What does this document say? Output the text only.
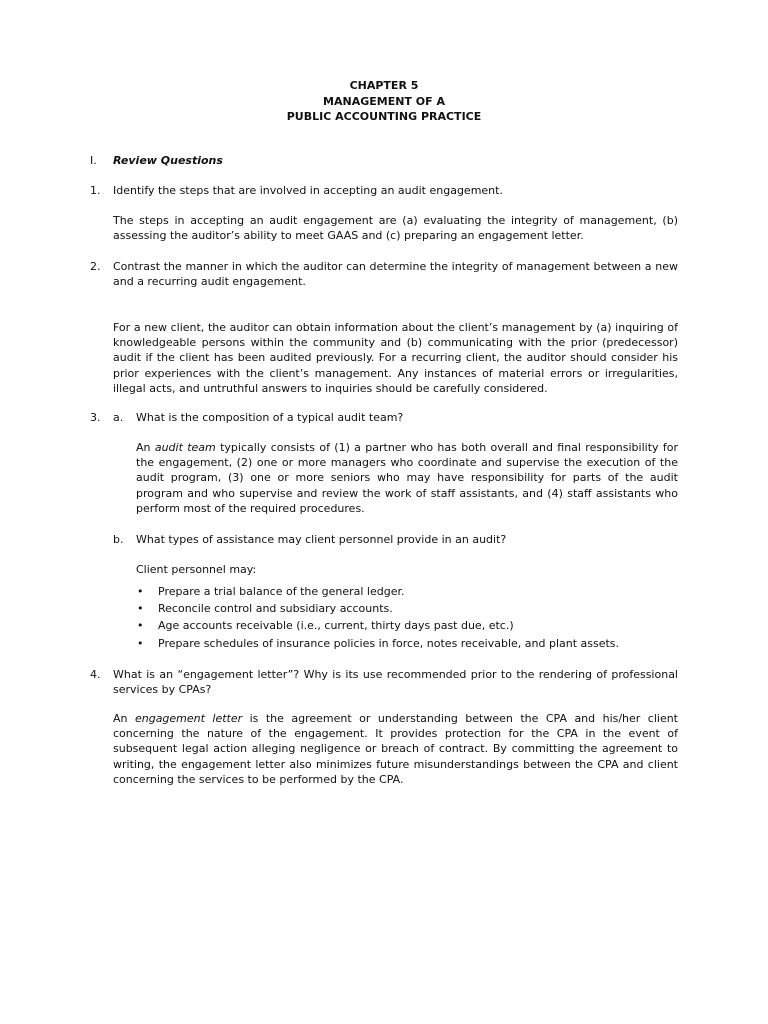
CHAPTER 5
MANAGEMENT OF A
PUBLIC ACCOUNTING PRACTICE
I. Review Questions
1. Identify the steps that are involved in accepting an audit engagement.
The steps in accepting an audit engagement are (a) evaluating the integrity of management, (b) assessing the auditor’s ability to meet GAAS and (c) preparing an engagement letter.
2. Contrast the manner in which the auditor can determine the integrity of management between a new and a recurring audit engagement.
For a new client, the auditor can obtain information about the client’s management by (a) inquiring of knowledgeable persons within the community and (b) communicating with the prior (predecessor) audit if the client has been audited previously. For a recurring client, the auditor should consider his prior experiences with the client’s management. Any instances of material errors or irregularities, illegal acts, and untruthful answers to inquiries should be carefully considered.
3. a. What is the composition of a typical audit team?
An audit team typically consists of (1) a partner who has both overall and final responsibility for the engagement, (2) one or more managers who coordinate and supervise the execution of the audit program, (3) one or more seniors who may have responsibility for parts of the audit program and who supervise and review the work of staff assistants, and (4) staff assistants who perform most of the required procedures.
b. What types of assistance may client personnel provide in an audit?
Client personnel may:
• Prepare a trial balance of the general ledger.
• Reconcile control and subsidiary accounts.
• Age accounts receivable (i.e., current, thirty days past due, etc.)
• Prepare schedules of insurance policies in force, notes receivable, and plant assets.
4. What is an “engagement letter”? Why is its use recommended prior to the rendering of professional services by CPAs?
An engagement letter is the agreement or understanding between the CPA and his/her client concerning the nature of the engagement. It provides protection for the CPA in the event of subsequent legal action alleging negligence or breach of contract. By committing the agreement to writing, the engagement letter also minimizes future misunderstandings between the CPA and client concerning the services to be performed by the CPA.
